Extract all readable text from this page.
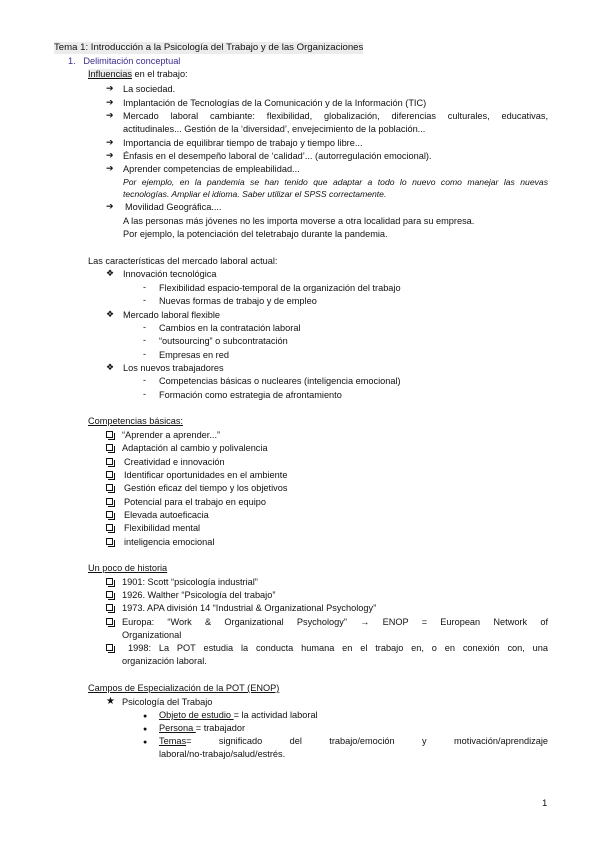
Tema 1: Introducción a la Psicología del Trabajo y de las Organizaciones
1.   Delimitación conceptual
Influencias en el trabajo:
➔
La sociedad.
➔
Implantación de Tecnologías de la Comunicación y de la Información (TIC)
➔
Mercado laboral cambiante: flexibilidad, globalización, diferencias culturales, educativas,
actitudinales... Gestión de la ‘diversidad’, envejecimiento de la población...
➔
Importancia de equilibrar tiempo de trabajo y tiempo libre...
➔
Énfasis en el desempeño laboral de ‘calidad’... (autorregulación emocional).
➔
Aprender competencias de empleabilidad...
Por ejemplo, en la pandemia se han tenido que adaptar a todo lo nuevo como manejar las nuevas
tecnologías. Ampliar el idioma. Saber utilizar el SPSS correctamente.
➔
Movilidad Geográfica....
A las personas más jóvenes no les importa moverse a otra localidad para su empresa.
Por ejemplo, la potenciación del teletrabajo durante la pandemia.
Las características del mercado laboral actual:
❖
Innovación tecnológica
-
Flexibilidad espacio-temporal de la organización del trabajo
-
Nuevas formas de trabajo y de empleo
❖
Mercado laboral flexible
-
Cambios en la contratación laboral
-
“outsourcing” o subcontratación
-
Empresas en red
❖
Los nuevos trabajadores
-
Competencias básicas o nucleares (inteligencia emocional)
-
Formación como estrategia de afrontamiento
Competencias básicas:
“Aprender a aprender...”
Adaptación al cambio y polivalencia
Creatividad e innovación
Identificar oportunidades en el ambiente
Gestión eficaz del tiempo y los objetivos
Potencial para el trabajo en equipo
Elevada autoeficacia
Flexibilidad mental
inteligencia emocional
Un poco de historia
1901: Scott “psicología industrial”
1926. Walther “Psicología del trabajo”
1973. APA división 14 “Industrial & Organizational Psychology”
Europa: “Work & Organizational Psychology” → ENOP = European Network of
Organizational
1998: La POT estudia la conducta humana en el trabajo en, o en conexión con, una
organización laboral.
Campos de Especialización de la POT (ENOP)
★
Psicología del Trabajo
●
Objeto de estudio = la actividad laboral
●
Persona = trabajador
●
Temas = significado del trabajo/emoción y motivación/aprendizaje
laboral/no-trabajo/salud/estrés.
1
